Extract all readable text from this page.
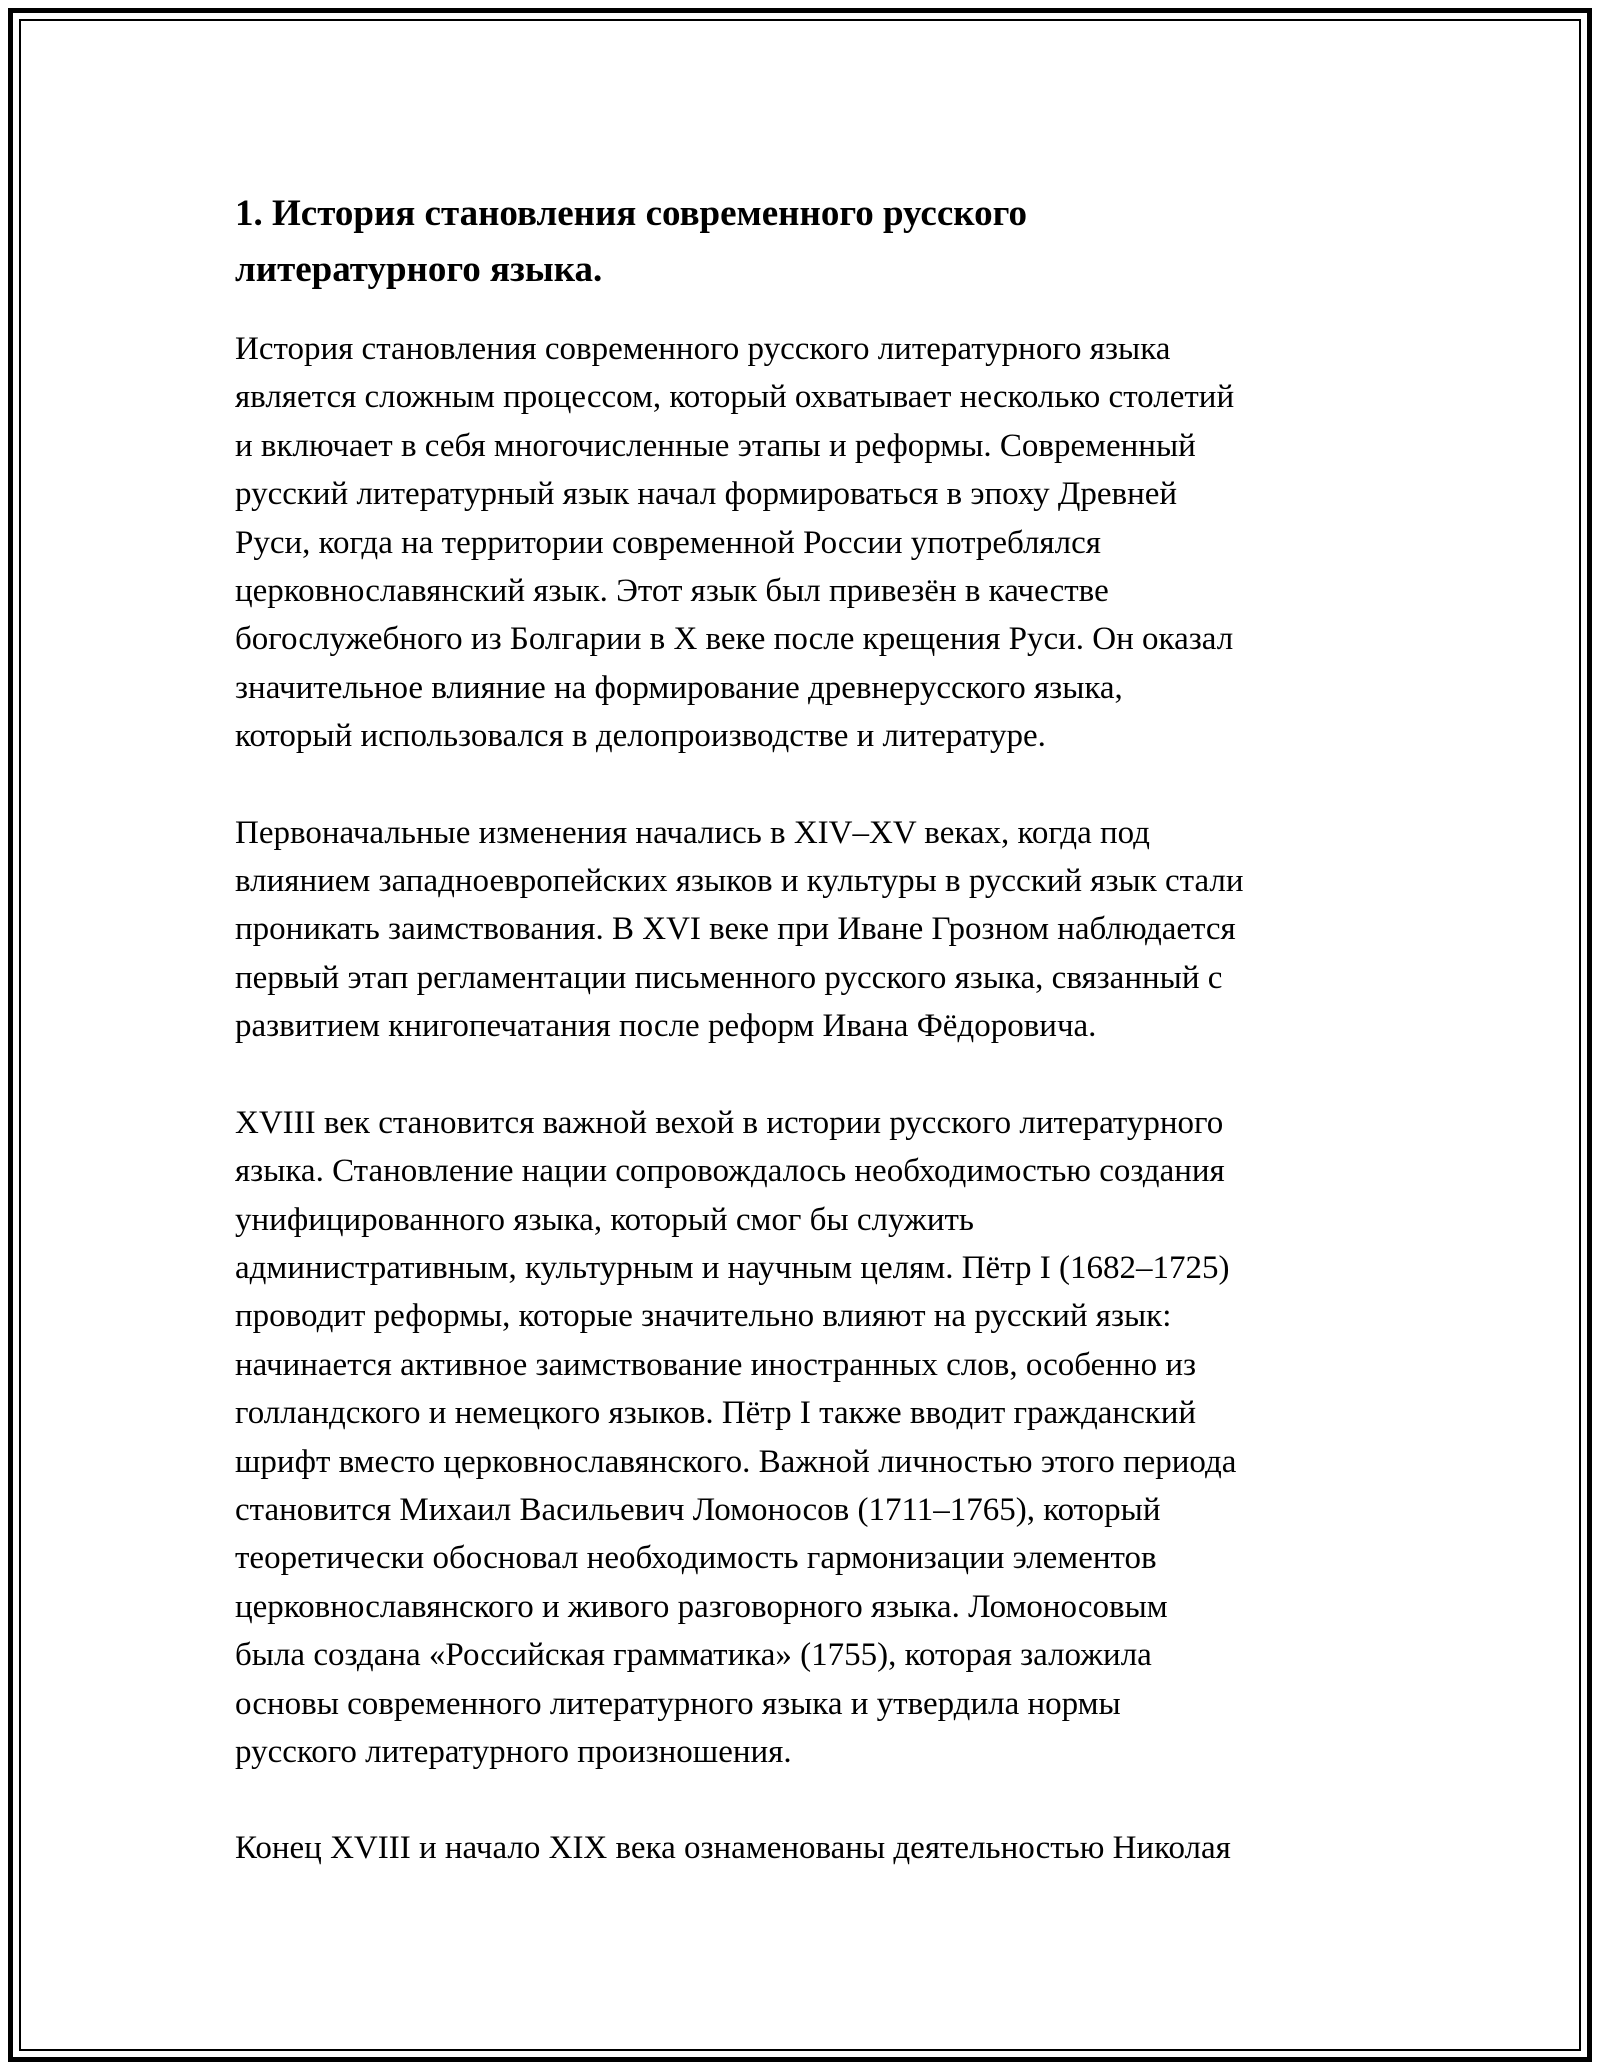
1. История становления современного русского
литературного языка.

История становления современного русского литературного языка
является сложным процессом, который охватывает несколько столетий
и включает в себя многочисленные этапы и реформы. Современный
русский литературный язык начал формироваться в эпоху Древней
Руси, когда на территории современной России употреблялся
церковнославянский язык. Этот язык был привезён в качестве
богослужебного из Болгарии в X веке после крещения Руси. Он оказал
значительное влияние на формирование древнерусского языка,
который использовался в делопроизводстве и литературе.

Первоначальные изменения начались в XIV–XV веках, когда под
влиянием западноевропейских языков и культуры в русский язык стали
проникать заимствования. В XVI веке при Иване Грозном наблюдается
первый этап регламентации письменного русского языка, связанный с
развитием книгопечатания после реформ Ивана Фёдоровича.

XVIII век становится важной вехой в истории русского литературного
языка. Становление нации сопровождалось необходимостью создания
унифицированного языка, который смог бы служить
административным, культурным и научным целям. Пётр I (1682–1725)
проводит реформы, которые значительно влияют на русский язык:
начинается активное заимствование иностранных слов, особенно из
голландского и немецкого языков. Пётр I также вводит гражданский
шрифт вместо церковнославянского. Важной личностью этого периода
становится Михаил Васильевич Ломоносов (1711–1765), который
теоретически обосновал необходимость гармонизации элементов
церковнославянского и живого разговорного языка. Ломоносовым
была создана «Российская грамматика» (1755), которая заложила
основы современного литературного языка и утвердила нормы
русского литературного произношения.

Конец XVIII и начало XIX века ознаменованы деятельностью Николая
